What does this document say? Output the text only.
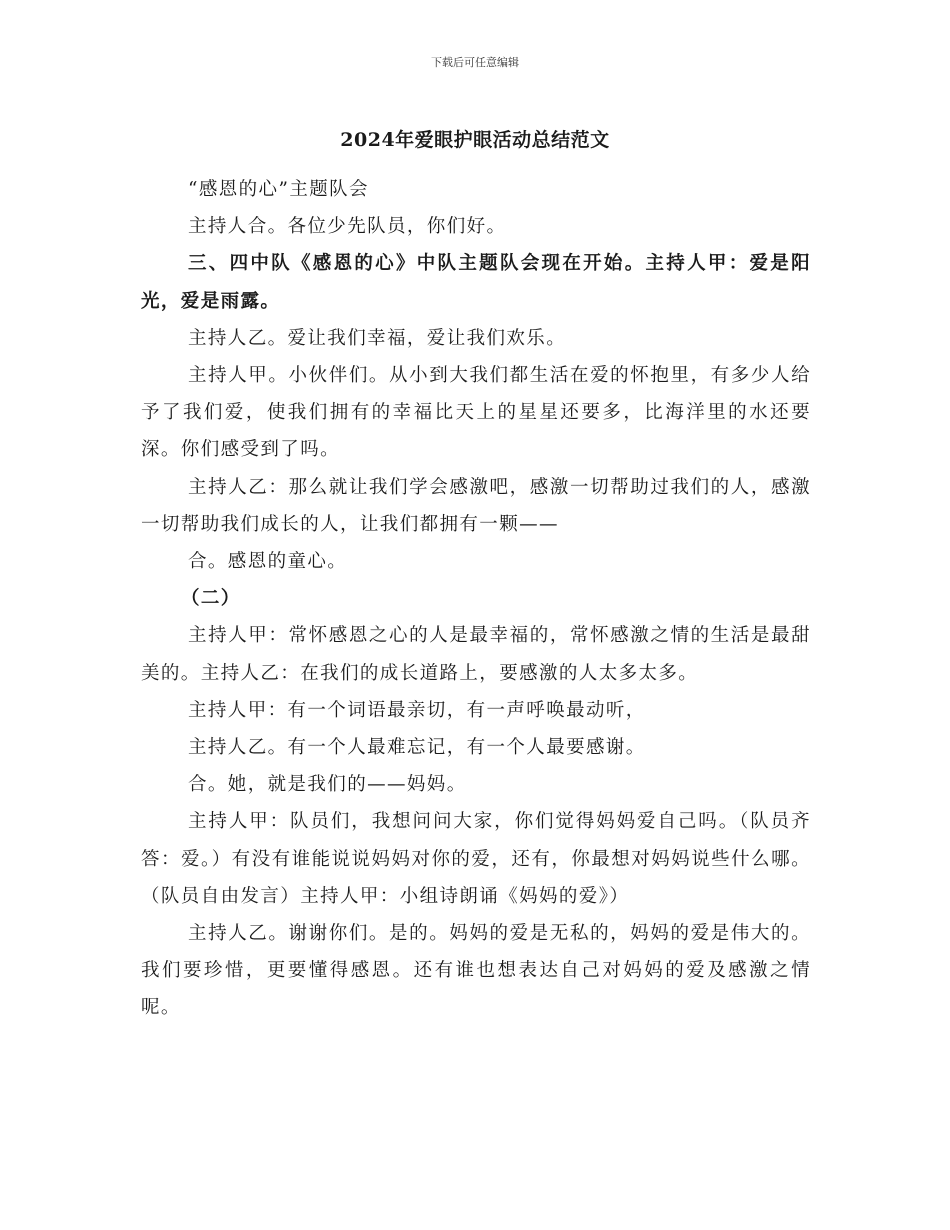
下载后可任意编辑
2024年爱眼护眼活动总结范文

“感恩的心”主题队会

主持人合。各位少先队员，你们好。

三、四中队《感恩的心》中队主题队会现在开始。主持人甲：爱是阳光，爱是雨露。

主持人乙。爱让我们幸福，爱让我们欢乐。

主持人甲。小伙伴们。从小到大我们都生活在爱的怀抱里，有多少人给予了我们爱，使我们拥有的幸福比天上的星星还要多，比海洋里的水还要深。你们感受到了吗。

主持人乙：那么就让我们学会感激吧，感激一切帮助过我们的人，感激一切帮助我们成长的人，让我们都拥有一颗——

合。感恩的童心。

（二）

主持人甲：常怀感恩之心的人是最幸福的，常怀感激之情的生活是最甜美的。主持人乙：在我们的成长道路上，要感激的人太多太多。

主持人甲：有一个词语最亲切，有一声呼唤最动听，

主持人乙。有一个人最难忘记，有一个人最要感谢。

合。她，就是我们的——妈妈。

主持人甲：队员们，我想问问大家，你们觉得妈妈爱自己吗。（队员齐答：爱。）有没有谁能说说妈妈对你的爱，还有，你最想对妈妈说些什么哪。（队员自由发言）主持人甲：小组诗朗诵《妈妈的爱》）

主持人乙。谢谢你们。是的。妈妈的爱是无私的，妈妈的爱是伟大的。我们要珍惜，更要懂得感恩。还有谁也想表达自己对妈妈的爱及感激之情呢。
